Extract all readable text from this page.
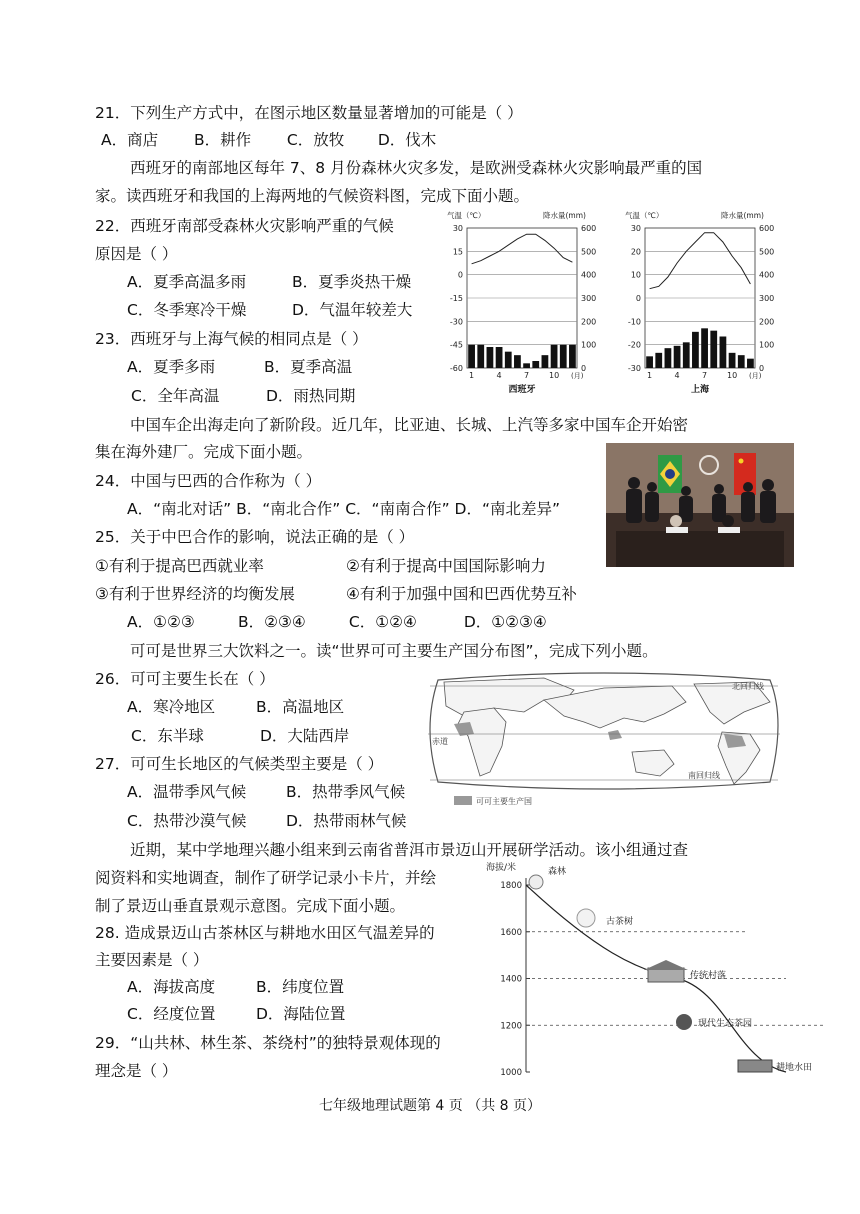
21．下列生产方式中，在图示地区数量显著增加的可能是（ ）
A．商店 B．耕作 C．放牧 D．伐木
西班牙的南部地区每年 7、8 月份森林火灾多发，是欧洲受森林火灾影响最严重的国
家。读西班牙和我国的上海两地的气候资料图，完成下面小题。
22．西班牙南部受森林火灾影响严重的气候
原因是（ ）
A．夏季高温多雨	B．夏季炎热干燥
C．冬季寒冷干燥	D．气温年较差大
23．西班牙与上海气候的相同点是（ ）
A．夏季多雨	B．夏季高温
C．全年高温	D．雨热同期
中国车企出海走向了新阶段。近几年，比亚迪、长城、上汽等多家中国车企开始密
集在海外建厂。完成下面小题。
24．中国与巴西的合作称为（ ）
A．“南北对话” B．“南北合作” C．“南南合作” D．“南北差异”
25．关于中巴合作的影响，说法正确的是（ ）
①有利于提高巴西就业率	②有利于提高中国国际影响力
③有利于世界经济的均衡发展	④有利于加强中国和巴西优势互补
A．①②③	B．②③④	C．①②④	D．①②③④
可可是世界三大饮料之一。读“世界可可主要生产国分布图”，完成下列小题。
26．可可主要生长在（ ）
A．寒冷地区	B．高温地区
C．东半球	D．大陆西岸
27．可可生长地区的气候类型主要是（ ）
A．温带季风气候	B．热带季风气候
C．热带沙漠气候	D．热带雨林气候
近期，某中学地理兴趣小组来到云南省普洱市景迈山开展研学活动。该小组通过查
阅资料和实地调查，制作了研学记录小卡片，并绘
制了景迈山垂直景观示意图。完成下面小题。
28. 造成景迈山古茶林区与耕地水田区气温差异的
主要因素是（ ）
A．海拔高度	B．纬度位置
C．经度位置	D．海陆位置
29．“山共林、林生茶、茶绕村”的独特景观体现的
理念是（ ）
七年级地理试题第 4 页 （共 8 页）
气温（℃）	降水量(mm)
30	600
15	500
0	400
-15	300
-30	200
-45	100
-60	0
1	4	7 10 (月)
西班牙
气温（℃）	降水量(mm)
30	600
20	500
10	400
0	300
-10	200
-20	100
-30	0
1	4	7 10 (月)
上海
北回归线
赤道
南回归线
可可主要生产国
海拔/米
1800
1600
1400
1200
1000
森林
古茶树
传统村落
现代生态茶园
耕地水田
